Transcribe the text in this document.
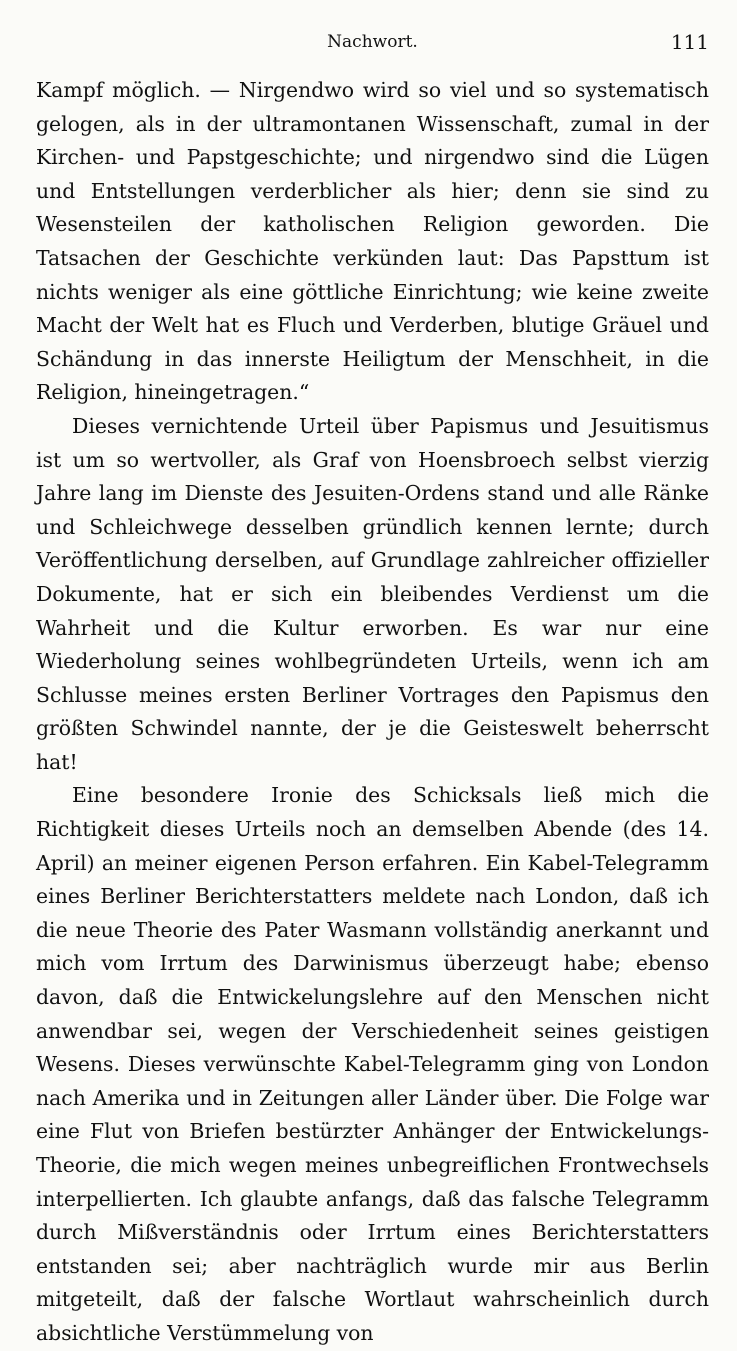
Nachwort.	111

Kampf möglich. — Nirgendwo wird so viel und so systematisch gelogen, als in der ultramontanen Wissenschaft, zumal in der Kirchen- und Papstgeschichte; und nirgendwo sind die Lügen und Entstellungen verderblicher als hier; denn sie sind zu Wesensteilen der katholischen Religion geworden. Die Tatsachen der Geschichte verkünden laut: Das Papsttum ist nichts weniger als eine göttliche Einrichtung; wie keine zweite Macht der Welt hat es Fluch und Verderben, blutige Gräuel und Schändung in das innerste Heiligtum der Menschheit, in die Religion, hineingetragen.“

Dieses vernichtende Urteil über Papismus und Jesuitismus ist um so wertvoller, als Graf von Hoensbroech selbst vierzig Jahre lang im Dienste des Jesuiten-Ordens stand und alle Ränke und Schleichwege desselben gründlich kennen lernte; durch Veröffentlichung derselben, auf Grundlage zahlreicher offizieller Dokumente, hat er sich ein bleibendes Verdienst um die Wahrheit und die Kultur erworben. Es war nur eine Wiederholung seines wohlbegründeten Urteils, wenn ich am Schlusse meines ersten Berliner Vortrages den Papismus den größten Schwindel nannte, der je die Geisteswelt beherrscht hat!

Eine besondere Ironie des Schicksals ließ mich die Richtigkeit dieses Urteils noch an demselben Abende (des 14. April) an meiner eigenen Person erfahren. Ein Kabel-Telegramm eines Berliner Berichterstatters meldete nach London, daß ich die neue Theorie des Pater Wasmann vollständig anerkannt und mich vom Irrtum des Darwinismus überzeugt habe; ebenso davon, daß die Entwickelungslehre auf den Menschen nicht anwendbar sei, wegen der Verschiedenheit seines geistigen Wesens. Dieses verwünschte Kabel-Telegramm ging von London nach Amerika und in Zeitungen aller Länder über. Die Folge war eine Flut von Briefen bestürzter Anhänger der Entwickelungs-Theorie, die mich wegen meines unbegreiflichen Frontwechsels interpellierten. Ich glaubte anfangs, daß das falsche Telegramm durch Mißverständnis oder Irrtum eines Berichterstatters entstanden sei; aber nachträglich wurde mir aus Berlin mitgeteilt, daß der falsche Wortlaut wahrscheinlich durch absichtliche Verstümmelung von
